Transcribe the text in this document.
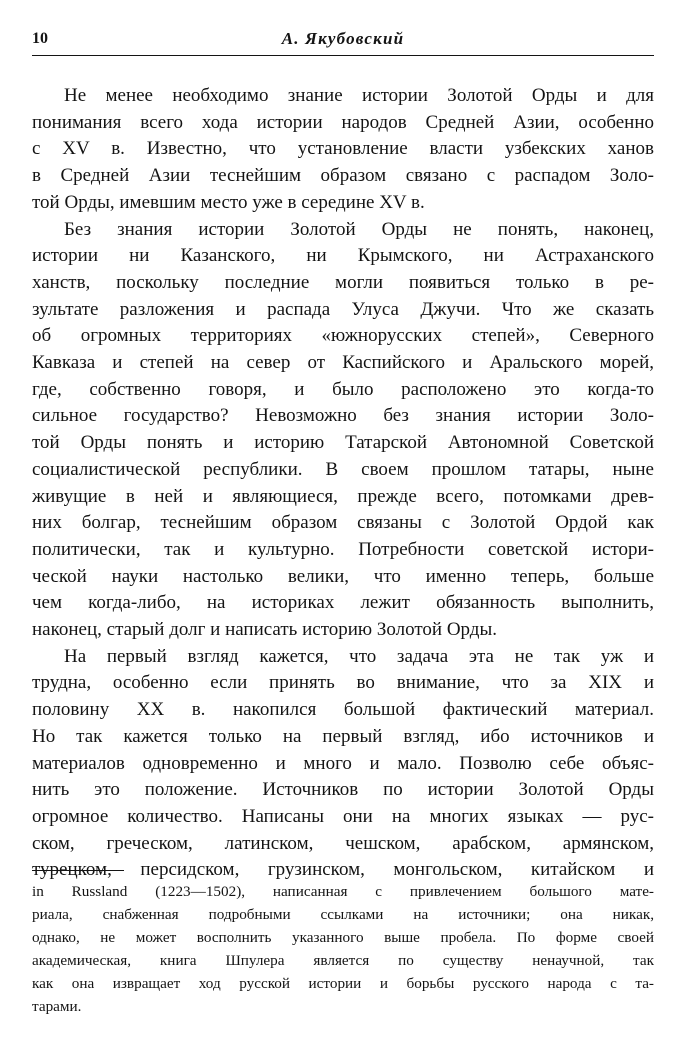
10	А. Якубовский
Не менее необходимо знание истории Золотой Орды и для
понимания всего хода истории народов Средней Азии, особенно
с XV в. Известно, что установление власти узбекских ханов
в Средней Азии теснейшим образом связано с распадом Золо-
той Орды, имевшим место уже в середине XV в.
Без знания истории Золотой Орды не понять, наконец,
истории ни Казанского, ни Крымского, ни Астраханского
ханств, поскольку последние могли появиться только в ре-
зультате разложения и распада Улуса Джучи. Что же сказать
об огромных территориях «южнорусских степей», Северного
Кавказа и степей на север от Каспийского и Аральского морей,
где, собственно говоря, и было расположено это когда-то
сильное государство? Невозможно без знания истории Золо-
той Орды понять и историю Татарской Автономной Советской
социалистической республики. В своем прошлом татары, ныне
живущие в ней и являющиеся, прежде всего, потомками древ-
них болгар, теснейшим образом связаны с Золотой Ордой как
политически, так и культурно. Потребности советской истори-
ческой науки настолько велики, что именно теперь, больше
чем когда-либо, на историках лежит обязанность выполнить,
наконец, старый долг и написать историю Золотой Орды.
На первый взгляд кажется, что задача эта не так уж и
трудна, особенно если принять во внимание, что за XIX и
половину XX в. накопился большой фактический материал.
Но так кажется только на первый взгляд, ибо источников и
материалов одновременно и много и мало. Позволю себе объяс-
нить это положение. Источников по истории Золотой Орды
огромное количество. Написаны они на многих языках — рус-
ском, греческом, латинском, чешском, арабском, армянском,
турецком, персидском, грузинском, монгольском, китайском и
in Russland (1223—1502), написанная с привлечением большого мате-
риала, снабженная подробными ссылками на источники; она никак,
однако, не может восполнить указанного выше пробела. По форме своей
академическая, книга Шпулера является по существу ненаучной, так
как она извращает ход русской истории и борьбы русского народа с та-
тарами.
